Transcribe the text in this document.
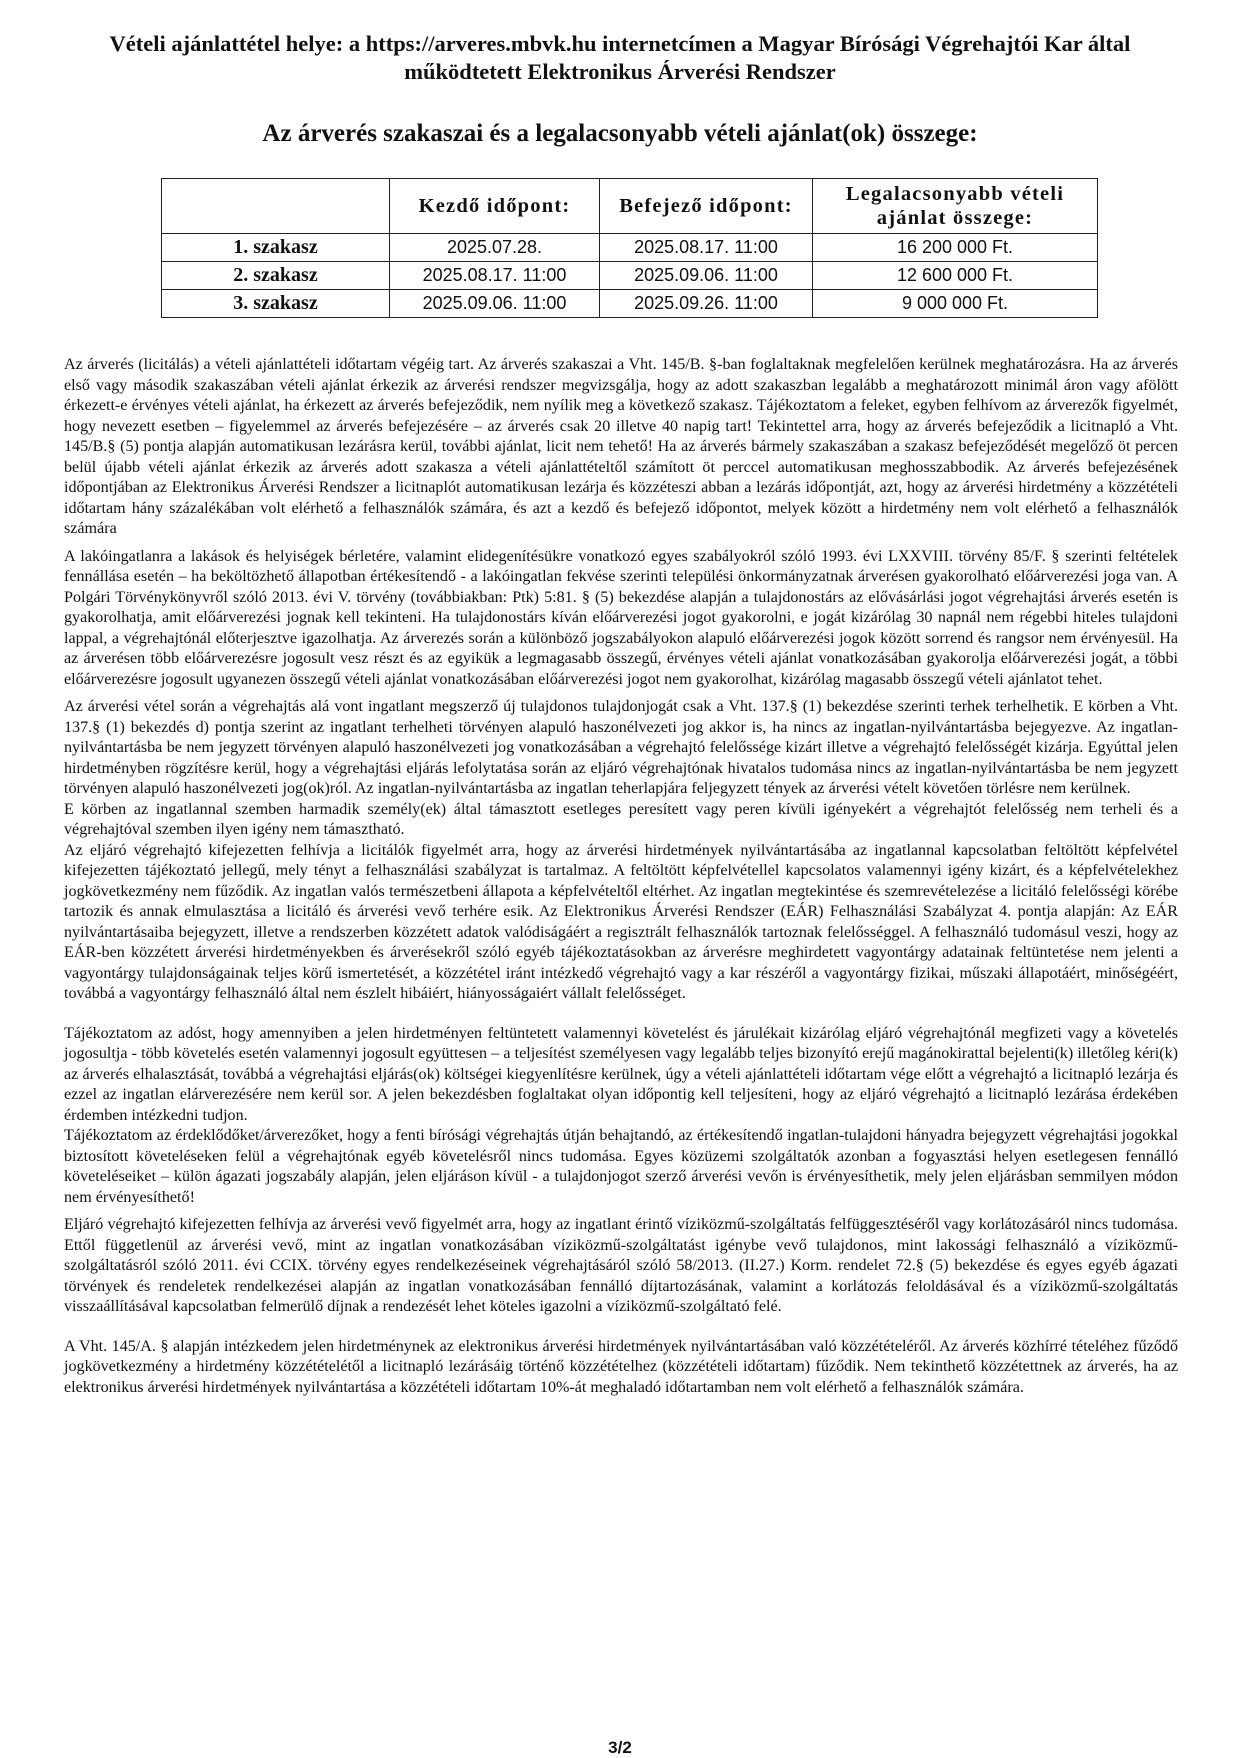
Vételi ajánlattétel helye: a https://arveres.mbvk.hu internetcímen a Magyar Bírósági Végrehajtói Kar által
működtetett Elektronikus Árverési Rendszer
Az árverés szakaszai és a legalacsonyabb vételi ajánlat(ok) összege:
	Kezdő időpont:	Befejező időpont:	Legalacsonyabb vételi ajánlat összege:
1. szakasz	2025.07.28.	2025.08.17. 11:00	16 200 000 Ft.
2. szakasz	2025.08.17. 11:00	2025.09.06. 11:00	12 600 000 Ft.
3. szakasz	2025.09.06. 11:00	2025.09.26. 11:00	9 000 000 Ft.

Az árverés (licitálás) a vételi ajánlattételi időtartam végéig tart. Az árverés szakaszai a Vht. 145/B. §-ban foglaltaknak megfelelően kerülnek meghatározásra. Ha az árverés első vagy második szakaszában vételi ajánlat érkezik az árverési rendszer megvizsgálja, hogy az adott szakaszban legalább a meghatározott minimál áron vagy afölött érkezett-e érvényes vételi ajánlat, ha érkezett az árverés befejeződik, nem nyílik meg a következő szakasz. Tájékoztatom a feleket, egyben felhívom az árverezők figyelmét, hogy nevezett esetben – figyelemmel az árverés befejezésére – az árverés csak 20 illetve 40 napig tart! Tekintettel arra, hogy az árverés befejeződik a licitnapló a Vht. 145/B.§ (5) pontja alapján automatikusan lezárásra kerül, további ajánlat, licit nem tehető! Ha az árverés bármely szakaszában a szakasz befejeződését megelőző öt percen belül újabb vételi ajánlat érkezik az árverés adott szakasza a vételi ajánlattételtől számított öt perccel automatikusan meghosszabbodik. Az árverés befejezésének időpontjában az Elektronikus Árverési Rendszer a licitnaplót automatikusan lezárja és közzéteszi abban a lezárás időpontját, azt, hogy az árverési hirdetmény a közzétételi időtartam hány százalékában volt elérhető a felhasználók számára, és azt a kezdő és befejező időpontot, melyek között a hirdetmény nem volt elérhető a felhasználók számára

A lakóingatlanra a lakások és helyiségek bérletére, valamint elidegenítésükre vonatkozó egyes szabályokról szóló 1993. évi LXXVIII. törvény 85/F. § szerinti feltételek fennállása esetén – ha beköltözhető állapotban értékesítendő - a lakóingatlan fekvése szerinti települési önkormányzatnak árverésen gyakorolható előárverezési joga van. A Polgári Törvénykönyvről szóló 2013. évi V. törvény (továbbiakban: Ptk) 5:81. § (5) bekezdése alapján a tulajdonostárs az elővásárlási jogot végrehajtási árverés esetén is gyakorolhatja, amit előárverezési jognak kell tekinteni. Ha tulajdonostárs kíván előárverezési jogot gyakorolni, e jogát kizárólag 30 napnál nem régebbi hiteles tulajdoni lappal, a végrehajtónál előterjesztve igazolhatja. Az árverezés során a különböző jogszabályokon alapuló előárverezési jogok között sorrend és rangsor nem érvényesül. Ha az árverésen több előárverezésre jogosult vesz részt és az egyikük a legmagasabb összegű, érvényes vételi ajánlat vonatkozásában gyakorolja előárverezési jogát, a többi előárverezésre jogosult ugyanezen összegű vételi ajánlat vonatkozásában előárverezési jogot nem gyakorolhat, kizárólag magasabb összegű vételi ajánlatot tehet.

Az árverési vétel során a végrehajtás alá vont ingatlant megszerző új tulajdonos tulajdonjogát csak a Vht. 137.§ (1) bekezdése szerinti terhek terhelhetik. E körben a Vht. 137.§ (1) bekezdés d) pontja szerint az ingatlant terhelheti törvényen alapuló haszonélvezeti jog akkor is, ha nincs az ingatlan-nyilvántartásba bejegyezve. Az ingatlan-nyilvántartásba be nem jegyzett törvényen alapuló haszonélvezeti jog vonatkozásában a végrehajtó felelőssége kizárt illetve a végrehajtó felelősségét kizárja. Egyúttal jelen hirdetményben rögzítésre kerül, hogy a végrehajtási eljárás lefolytatása során az eljáró végrehajtónak hivatalos tudomása nincs az ingatlan-nyilvántartásba be nem jegyzett törvényen alapuló haszonélvezeti jog(ok)ról. Az ingatlan-nyilvántartásba az ingatlan teherlapjára feljegyzett tények az árverési vételt követően törlésre nem kerülnek.

E körben az ingatlannal szemben harmadik személy(ek) által támasztott esetleges peresített vagy peren kívüli igényekért a végrehajtót felelősség nem terheli és a végrehajtóval szemben ilyen igény nem támasztható.

Az eljáró végrehajtó kifejezetten felhívja a licitálók figyelmét arra, hogy az árverési hirdetmények nyilvántartásába az ingatlannal kapcsolatban feltöltött képfelvétel kifejezetten tájékoztató jellegű, mely tényt a felhasználási szabályzat is tartalmaz. A feltöltött képfelvétellel kapcsolatos valamennyi igény kizárt, és a képfelvételekhez jogkövetkezmény nem fűződik. Az ingatlan valós természetbeni állapota a képfelvételtől eltérhet. Az ingatlan megtekintése és szemrevételezése a licitáló felelősségi körébe tartozik és annak elmulasztása a licitáló és árverési vevő terhére esik. Az Elektronikus Árverési Rendszer (EÁR) Felhasználási Szabályzat 4. pontja alapján: Az EÁR nyilvántartásaiba bejegyzett, illetve a rendszerben közzétett adatok valódiságáért a regisztrált felhasználók tartoznak felelősséggel. A felhasználó tudomásul veszi, hogy az EÁR-ben közzétett árverési hirdetményekben és árverésekről szóló egyéb tájékoztatásokban az árverésre meghirdetett vagyontárgy adatainak feltüntetése nem jelenti a vagyontárgy tulajdonságainak teljes körű ismertetését, a közzététel iránt intézkedő végrehajtó vagy a kar részéről a vagyontárgy fizikai, műszaki állapotáért, minőségéért, továbbá a vagyontárgy felhasználó által nem észlelt hibáiért, hiányosságaiért vállalt felelősséget.

Tájékoztatom az adóst, hogy amennyiben a jelen hirdetményen feltüntetett valamennyi követelést és járulékait kizárólag eljáró végrehajtónál megfizeti vagy a követelés jogosultja - több követelés esetén valamennyi jogosult együttesen – a teljesítést személyesen vagy legalább teljes bizonyító erejű magánokirattal bejelenti(k) illetőleg kéri(k) az árverés elhalasztását, továbbá a végrehajtási eljárás(ok) költségei kiegyenlítésre kerülnek, úgy a vételi ajánlattételi időtartam vége előtt a végrehajtó a licitnapló lezárja és ezzel az ingatlan elárverezésére nem kerül sor. A jelen bekezdésben foglaltakat olyan időpontig kell teljesíteni, hogy az eljáró végrehajtó a licitnapló lezárása érdekében érdemben intézkedni tudjon.

Tájékoztatom az érdeklődőket/árverezőket, hogy a fenti bírósági végrehajtás útján behajtandó, az értékesítendő ingatlan-tulajdoni hányadra bejegyzett végrehajtási jogokkal biztosított követeléseken felül a végrehajtónak egyéb követelésről nincs tudomása. Egyes közüzemi szolgáltatók azonban a fogyasztási helyen esetlegesen fennálló követeléseiket – külön ágazati jogszabály alapján, jelen eljáráson kívül - a tulajdonjogot szerző árverési vevőn is érvényesíthetik, mely jelen eljárásban semmilyen módon nem érvényesíthető!

Eljáró végrehajtó kifejezetten felhívja az árverési vevő figyelmét arra, hogy az ingatlant érintő víziközmű-szolgáltatás felfüggesztéséről vagy korlátozásáról nincs tudomása. Ettől függetlenül az árverési vevő, mint az ingatlan vonatkozásában víziközmű-szolgáltatást igénybe vevő tulajdonos, mint lakossági felhasználó a víziközmű-szolgáltatásról szóló 2011. évi CCIX. törvény egyes rendelkezéseinek végrehajtásáról szóló 58/2013. (II.27.) Korm. rendelet 72.§ (5) bekezdése és egyes egyéb ágazati törvények és rendeletek rendelkezései alapján az ingatlan vonatkozásában fennálló díjtartozásának, valamint a korlátozás feloldásával és a víziközmű-szolgáltatás visszaállításával kapcsolatban felmerülő díjnak a rendezését lehet köteles igazolni a víziközmű-szolgáltató felé.

A Vht. 145/A. § alapján intézkedem jelen hirdetménynek az elektronikus árverési hirdetmények nyilvántartásában való közzétételéről. Az árverés közhírré tételéhez fűződő jogkövetkezmény a hirdetmény közzétételétől a licitnapló lezárásáig történő közzétételhez (közzétételi időtartam) fűződik. Nem tekinthető közzétettnek az árverés, ha az elektronikus árverési hirdetmények nyilvántartása a közzétételi időtartam 10%-át meghaladó időtartamban nem volt elérhető a felhasználók számára.

3/2
